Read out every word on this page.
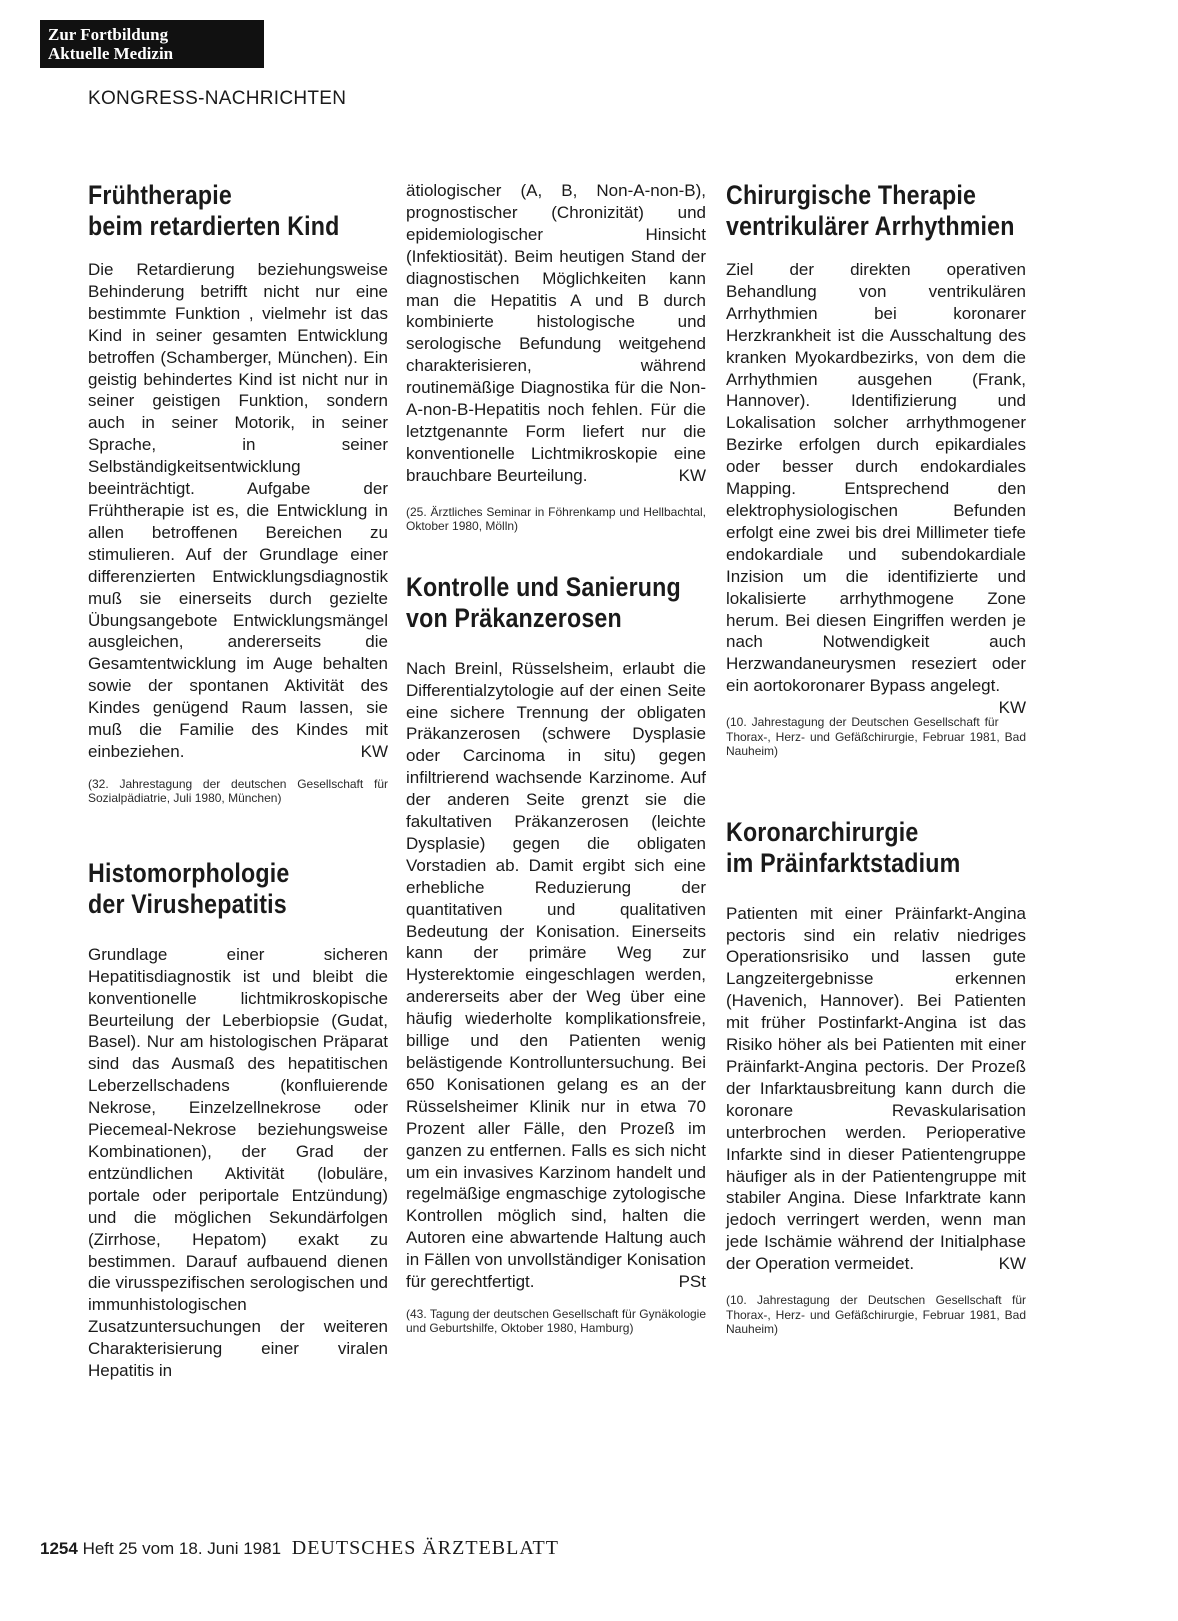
Zur Fortbildung
Aktuelle Medizin
KONGRESS-NACHRICHTEN
Frühtherapie
beim retardierten Kind

Die Retardierung beziehungsweise Behinderung betrifft nicht nur eine bestimmte Funktion , vielmehr ist das Kind in seiner gesamten Entwicklung betroffen (Schamberger, München). Ein geistig behindertes Kind ist nicht nur in seiner geistigen Funktion, sondern auch in seiner Motorik, in seiner Sprache, in seiner Selbständigkeitsentwicklung beeinträchtigt. Aufgabe der Frühtherapie ist es, die Entwicklung in allen betroffenen Bereichen zu stimulieren. Auf der Grundlage einer differenzierten Entwicklungsdiagnostik muß sie einerseits durch gezielte Übungsangebote Entwicklungsmängel ausgleichen, andererseits die Gesamtentwicklung im Auge behalten sowie der spontanen Aktivität des Kindes genügend Raum lassen, sie muß die Familie des Kindes mit einbeziehen.	KW

(32. Jahrestagung der deutschen Gesellschaft für Sozialpädiatrie, Juli 1980, München)

Histomorphologie
der Virushepatitis

Grundlage einer sicheren Hepatitisdiagnostik ist und bleibt die konventionelle lichtmikroskopische Beurteilung der Leberbiopsie (Gudat, Basel). Nur am histologischen Präparat sind das Ausmaß des hepatitischen Leberzellschadens (konfluierende Nekrose, Einzelzellnekrose oder Piecemeal-Nekrose beziehungsweise Kombinationen), der Grad der entzündlichen Aktivität (lobuläre, portale oder periportale Entzündung) und die möglichen Sekundärfolgen (Zirrhose, Hepatom) exakt zu bestimmen. Darauf aufbauend dienen die virusspezifischen serologischen und immunhistologischen Zusatzuntersuchungen der weiteren Charakterisierung einer viralen Hepatitis in

ätiologischer (A, B, Non-A-non-B), prognostischer (Chronizität) und epidemiologischer Hinsicht (Infektiosität). Beim heutigen Stand der diagnostischen Möglichkeiten kann man die Hepatitis A und B durch kombinierte histologische und serologische Befundung weitgehend charakterisieren, während routinemäßige Diagnostika für die Non-A-non-B-Hepatitis noch fehlen. Für die letztgenannte Form liefert nur die konventionelle Lichtmikroskopie eine brauchbare Beurteilung.	KW

(25. Ärztliches Seminar in Föhrenkamp und Hellbachtal, Oktober 1980, Mölln)

Kontrolle und Sanierung
von Präkanzerosen

Nach Breinl, Rüsselsheim, erlaubt die Differentialzytologie auf der einen Seite eine sichere Trennung der obligaten Präkanzerosen (schwere Dysplasie oder Carcinoma in situ) gegen infiltrierend wachsende Karzinome. Auf der anderen Seite grenzt sie die fakultativen Präkanzerosen (leichte Dysplasie) gegen die obligaten Vorstadien ab. Damit ergibt sich eine erhebliche Reduzierung der quantitativen und qualitativen Bedeutung der Konisation. Einerseits kann der primäre Weg zur Hysterektomie eingeschlagen werden, andererseits aber der Weg über eine häufig wiederholte komplikationsfreie, billige und den Patienten wenig belästigende Kontrolluntersuchung. Bei 650 Konisationen gelang es an der Rüsselsheimer Klinik nur in etwa 70 Prozent aller Fälle, den Prozeß im ganzen zu entfernen. Falls es sich nicht um ein invasives Karzinom handelt und regelmäßige engmaschige zytologische Kontrollen möglich sind, halten die Autoren eine abwartende Haltung auch in Fällen von unvollständiger Konisation für gerechtfertigt.	PSt

(43. Tagung der deutschen Gesellschaft für Gynäkologie und Geburtshilfe, Oktober 1980, Hamburg)

Chirurgische Therapie
ventrikulärer Arrhythmien

Ziel der direkten operativen Behandlung von ventrikulären Arrhythmien bei koronarer Herzkrankheit ist die Ausschaltung des kranken Myokardbezirks, von dem die Arrhythmien ausgehen (Frank, Hannover). Identifizierung und Lokalisation solcher arrhythmogener Bezirke erfolgen durch epikardiales oder besser durch endokardiales Mapping. Entsprechend den elektrophysiologischen Befunden erfolgt eine zwei bis drei Millimeter tiefe endokardiale und subendokardiale Inzision um die identifizierte und lokalisierte arrhythmogene Zone herum. Bei diesen Eingriffen werden je nach Notwendigkeit auch Herzwandaneurysmen reseziert oder ein aortokoronarer Bypass angelegt.
KW

(10. Jahrestagung der Deutschen Gesellschaft für Thorax-, Herz- und Gefäßchirurgie, Februar 1981, Bad Nauheim)

Koronarchirurgie
im Präinfarktstadium

Patienten mit einer Präinfarkt-Angina pectoris sind ein relativ niedriges Operationsrisiko und lassen gute Langzeitergebnisse erkennen (Havenich, Hannover). Bei Patienten mit früher Postinfarkt-Angina ist das Risiko höher als bei Patienten mit einer Präinfarkt-Angina pectoris. Der Prozeß der Infarktausbreitung kann durch die koronare Revaskularisation unterbrochen werden. Perioperative Infarkte sind in dieser Patientengruppe häufiger als in der Patientengruppe mit stabiler Angina. Diese Infarktrate kann jedoch verringert werden, wenn man jede Ischämie während der Initialphase der Operation vermeidet.	KW

(10. Jahrestagung der Deutschen Gesellschaft für Thorax-, Herz- und Gefäßchirurgie, Februar 1981, Bad Nauheim)

1254 Heft 25 vom 18. Juni 1981 DEUTSCHES ÄRZTEBLATT
